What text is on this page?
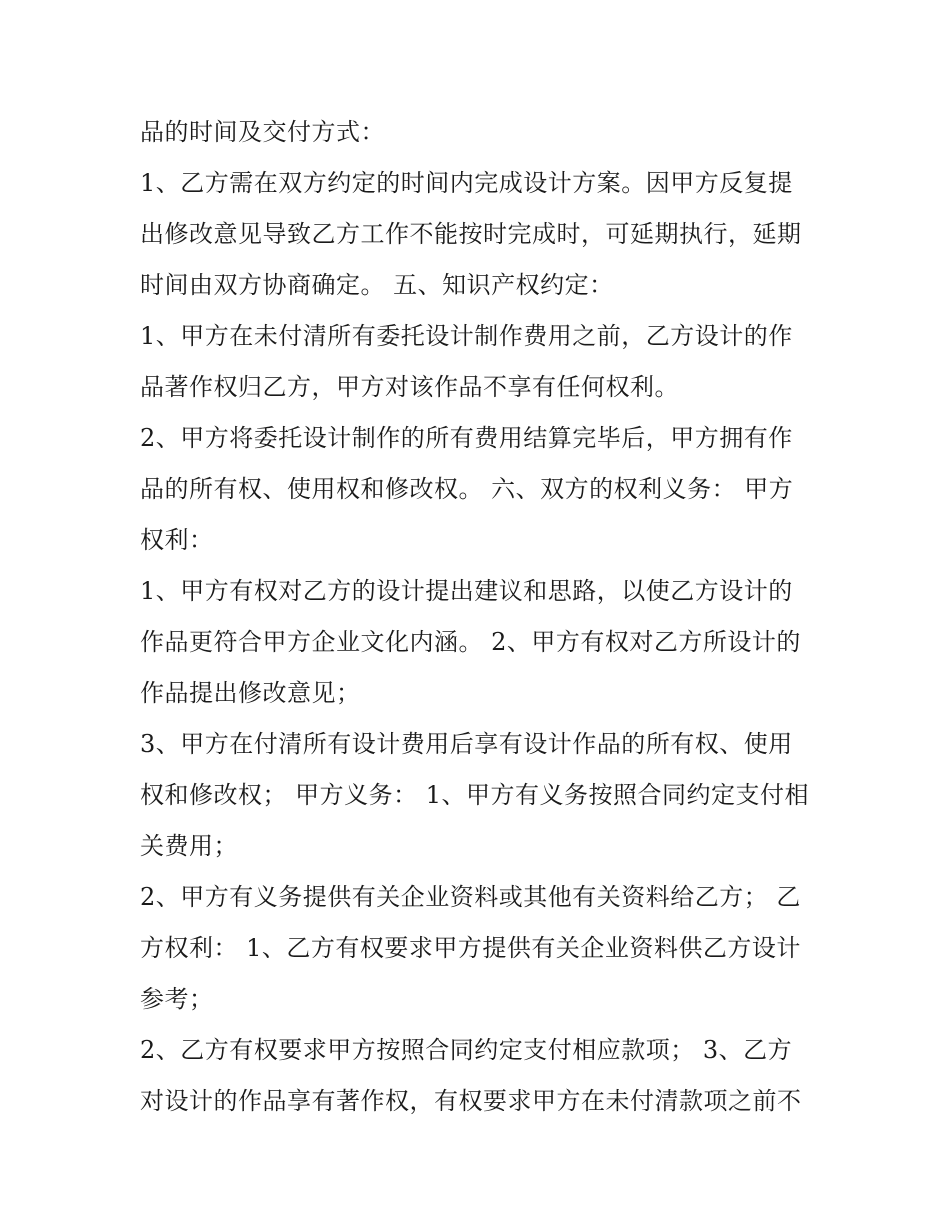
品的时间及交付方式：
1、乙方需在双方约定的时间内完成设计方案。因甲方反复提
出修改意见导致乙方工作不能按时完成时，可延期执行，延期
时间由双方协商确定。 五、知识产权约定：
1、甲方在未付清所有委托设计制作费用之前，乙方设计的作
品著作权归乙方，甲方对该作品不享有任何权利。
2、甲方将委托设计制作的所有费用结算完毕后，甲方拥有作
品的所有权、使用权和修改权。 六、双方的权利义务： 甲方
权利：
1、甲方有权对乙方的设计提出建议和思路，以使乙方设计的
作品更符合甲方企业文化内涵。 2、甲方有权对乙方所设计的
作品提出修改意见；
3、甲方在付清所有设计费用后享有设计作品的所有权、使用
权和修改权； 甲方义务： 1、甲方有义务按照合同约定支付相
关费用；
2、甲方有义务提供有关企业资料或其他有关资料给乙方； 乙
方权利： 1、乙方有权要求甲方提供有关企业资料供乙方设计
参考；
2、乙方有权要求甲方按照合同约定支付相应款项； 3、乙方
对设计的作品享有著作权，有权要求甲方在未付清款项之前不
